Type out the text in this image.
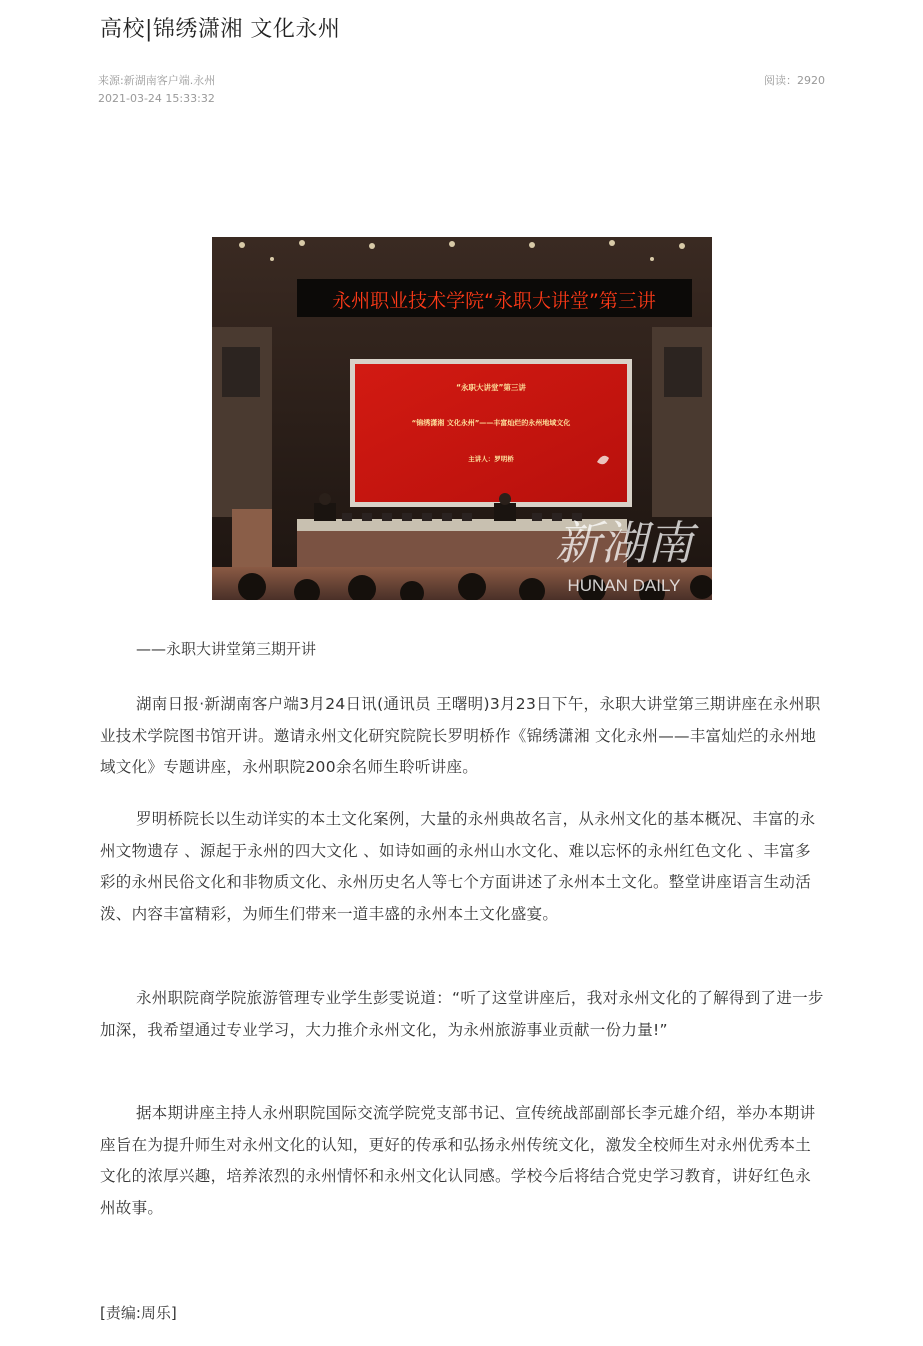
高校|锦绣潇湘 文化永州
来源:新湖南客户端.永州
2021-03-24 15:33:32
阅读：2920
永州职业技术学院“永职大讲堂”第三讲
“永职大讲堂”第三讲
“锦绣潇湘 文化永州”——丰富灿烂的永州地域文化
主讲人：罗明桥
新湖南
HUNAN DAILY
——永职大讲堂第三期开讲

湖南日报·新湖南客户端3月24日讯(通讯员 王曙明)3月23日下午，永职大讲堂第三期讲座在永州职业技术学院图书馆开讲。邀请永州文化研究院院长罗明桥作《锦绣潇湘 文化永州——丰富灿烂的永州地域文化》专题讲座，永州职院200余名师生聆听讲座。

罗明桥院长以生动详实的本土文化案例，大量的永州典故名言，从永州文化的基本概况、丰富的永州文物遗存 、源起于永州的四大文化 、如诗如画的永州山水文化、难以忘怀的永州红色文化 、丰富多彩的永州民俗文化和非物质文化、永州历史名人等七个方面讲述了永州本土文化。整堂讲座语言生动活泼、内容丰富精彩，为师生们带来一道丰盛的永州本土文化盛宴。

永州职院商学院旅游管理专业学生彭雯说道：“听了这堂讲座后，我对永州文化的了解得到了进一步加深，我希望通过专业学习，大力推介永州文化，为永州旅游事业贡献一份力量!”

据本期讲座主持人永州职院国际交流学院党支部书记、宣传统战部副部长李元雄介绍，举办本期讲座旨在为提升师生对永州文化的认知，更好的传承和弘扬永州传统文化，激发全校师生对永州优秀本土文化的浓厚兴趣，培养浓烈的永州情怀和永州文化认同感。学校今后将结合党史学习教育，讲好红色永州故事。

[责编:周乐]
